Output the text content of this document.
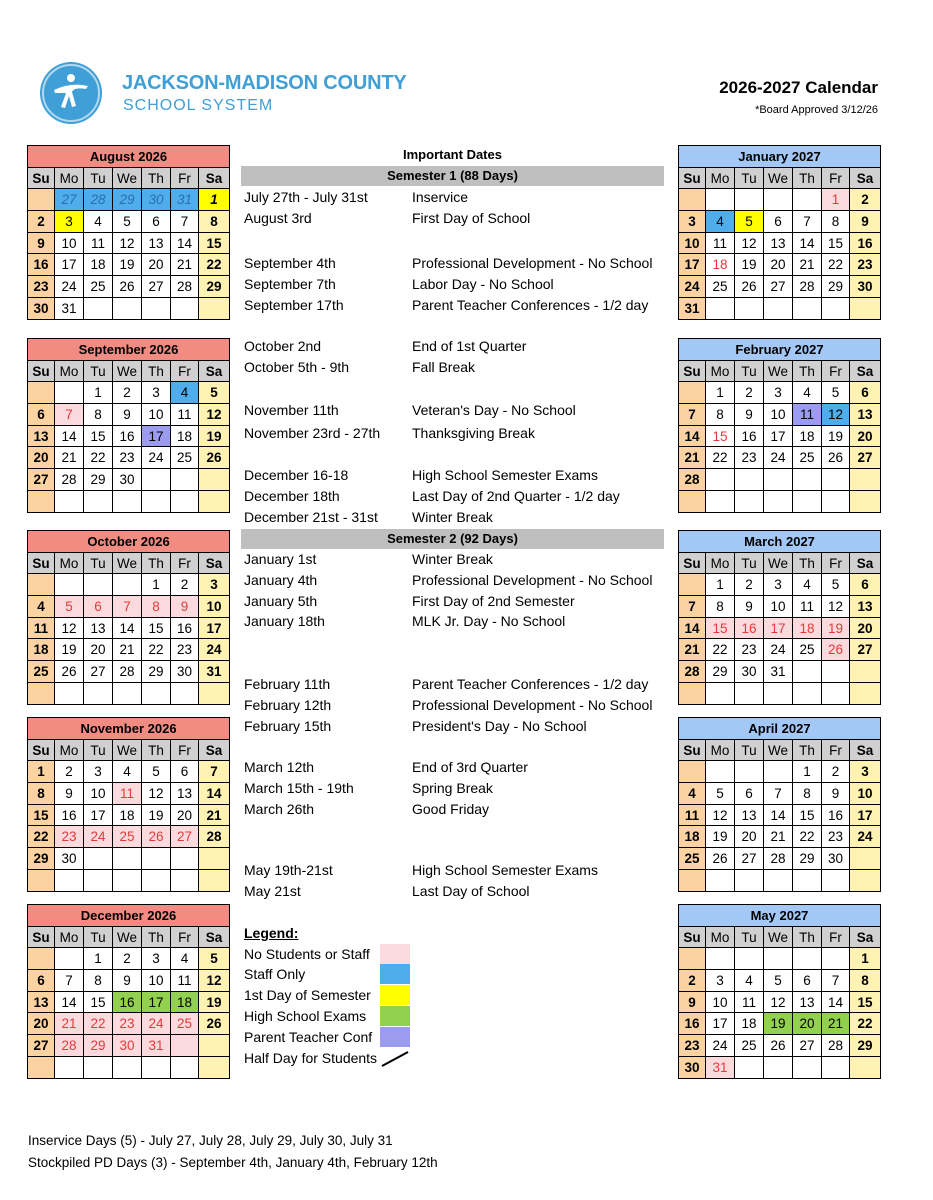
JACKSON-MADISON COUNTY
SCHOOL SYSTEM
2026-2027 Calendar
*Board Approved 3/12/26
August 2026						
Su	Mo	Tu	We	Th	Fr	Sa
	27	28	29	30	31	1
2	3	4	5	6	7	8
9	10	11	12	13	14	15
16	17	18	19	20	21	22
23	24	25	26	27	28	29
30	31					
September 2026						
Su	Mo	Tu	We	Th	Fr	Sa
		1	2	3	4	5
6	7	8	9	10	11	12
13	14	15	16	17	18	19
20	21	22	23	24	25	26
27	28	29	30			

October 2026						
Su	Mo	Tu	We	Th	Fr	Sa
				1	2	3
4	5	6	7	8	9	10
11	12	13	14	15	16	17
18	19	20	21	22	23	24
25	26	27	28	29	30	31

November 2026						
Su	Mo	Tu	We	Th	Fr	Sa
1	2	3	4	5	6	7
8	9	10	11	12	13	14
15	16	17	18	19	20	21
22	23	24	25	26	27	28
29	30					

December 2026						
Su	Mo	Tu	We	Th	Fr	Sa
		1	2	3	4	5
6	7	8	9	10	11	12
13	14	15	16	17	18	19
20	21	22	23	24	25	26
27	28	29	30	31		

January 2027						
Su	Mo	Tu	We	Th	Fr	Sa
					1	2
3	4	5	6	7	8	9
10	11	12	13	14	15	16
17	18	19	20	21	22	23
24	25	26	27	28	29	30
31						
February 2027						
Su	Mo	Tu	We	Th	Fr	Sa
	1	2	3	4	5	6
7	8	9	10	11	12	13
14	15	16	17	18	19	20
21	22	23	24	25	26	27
28						

March 2027						
Su	Mo	Tu	We	Th	Fr	Sa
	1	2	3	4	5	6
7	8	9	10	11	12	13
14	15	16	17	18	19	20
21	22	23	24	25	26	27
28	29	30	31			

April 2027						
Su	Mo	Tu	We	Th	Fr	Sa
				1	2	3
4	5	6	7	8	9	10
11	12	13	14	15	16	17
18	19	20	21	22	23	24
25	26	27	28	29	30	

May 2027						
Su	Mo	Tu	We	Th	Fr	Sa
						1
2	3	4	5	6	7	8
9	10	11	12	13	14	15
16	17	18	19	20	21	22
23	24	25	26	27	28	29
30	31					
Important Dates
Semester 1 (88 Days)
Semester 2 (92 Days)
July 27th - July 31st	Inservice
August 3rd	First Day of School
September 4th	Professional Development - No School
September 7th	Labor Day - No School
September 17th	Parent Teacher Conferences - 1/2 day
October 2nd	End of 1st Quarter
October 5th - 9th	Fall Break
November 11th	Veteran's Day - No School
November 23rd - 27th Thanksgiving Break
December 16-18	High School Semester Exams
December 18th	Last Day of 2nd Quarter - 1/2 day
December 21st - 31st Winter Break
January 1st	Winter Break
January 4th	Professional Development - No School
January 5th	First Day of 2nd Semester
January 18th	MLK Jr. Day - No School
February 11th	Parent Teacher Conferences - 1/2 day
February 12th	Professional Development - No School
February 15th	President's Day - No School
March 12th	End of 3rd Quarter
March 15th - 19th	Spring Break
March 26th	Good Friday
May 19th-21st	High School Semester Exams
May 21st	Last Day of School
Legend:
No Students or Staff
Staff Only
1st Day of Semester
High School Exams
Parent Teacher Conf
Half Day for Students
Inservice Days (5) - July 27, July 28, July 29, July 30, July 31
Stockpiled PD Days (3) - September 4th, January 4th, February 12th
